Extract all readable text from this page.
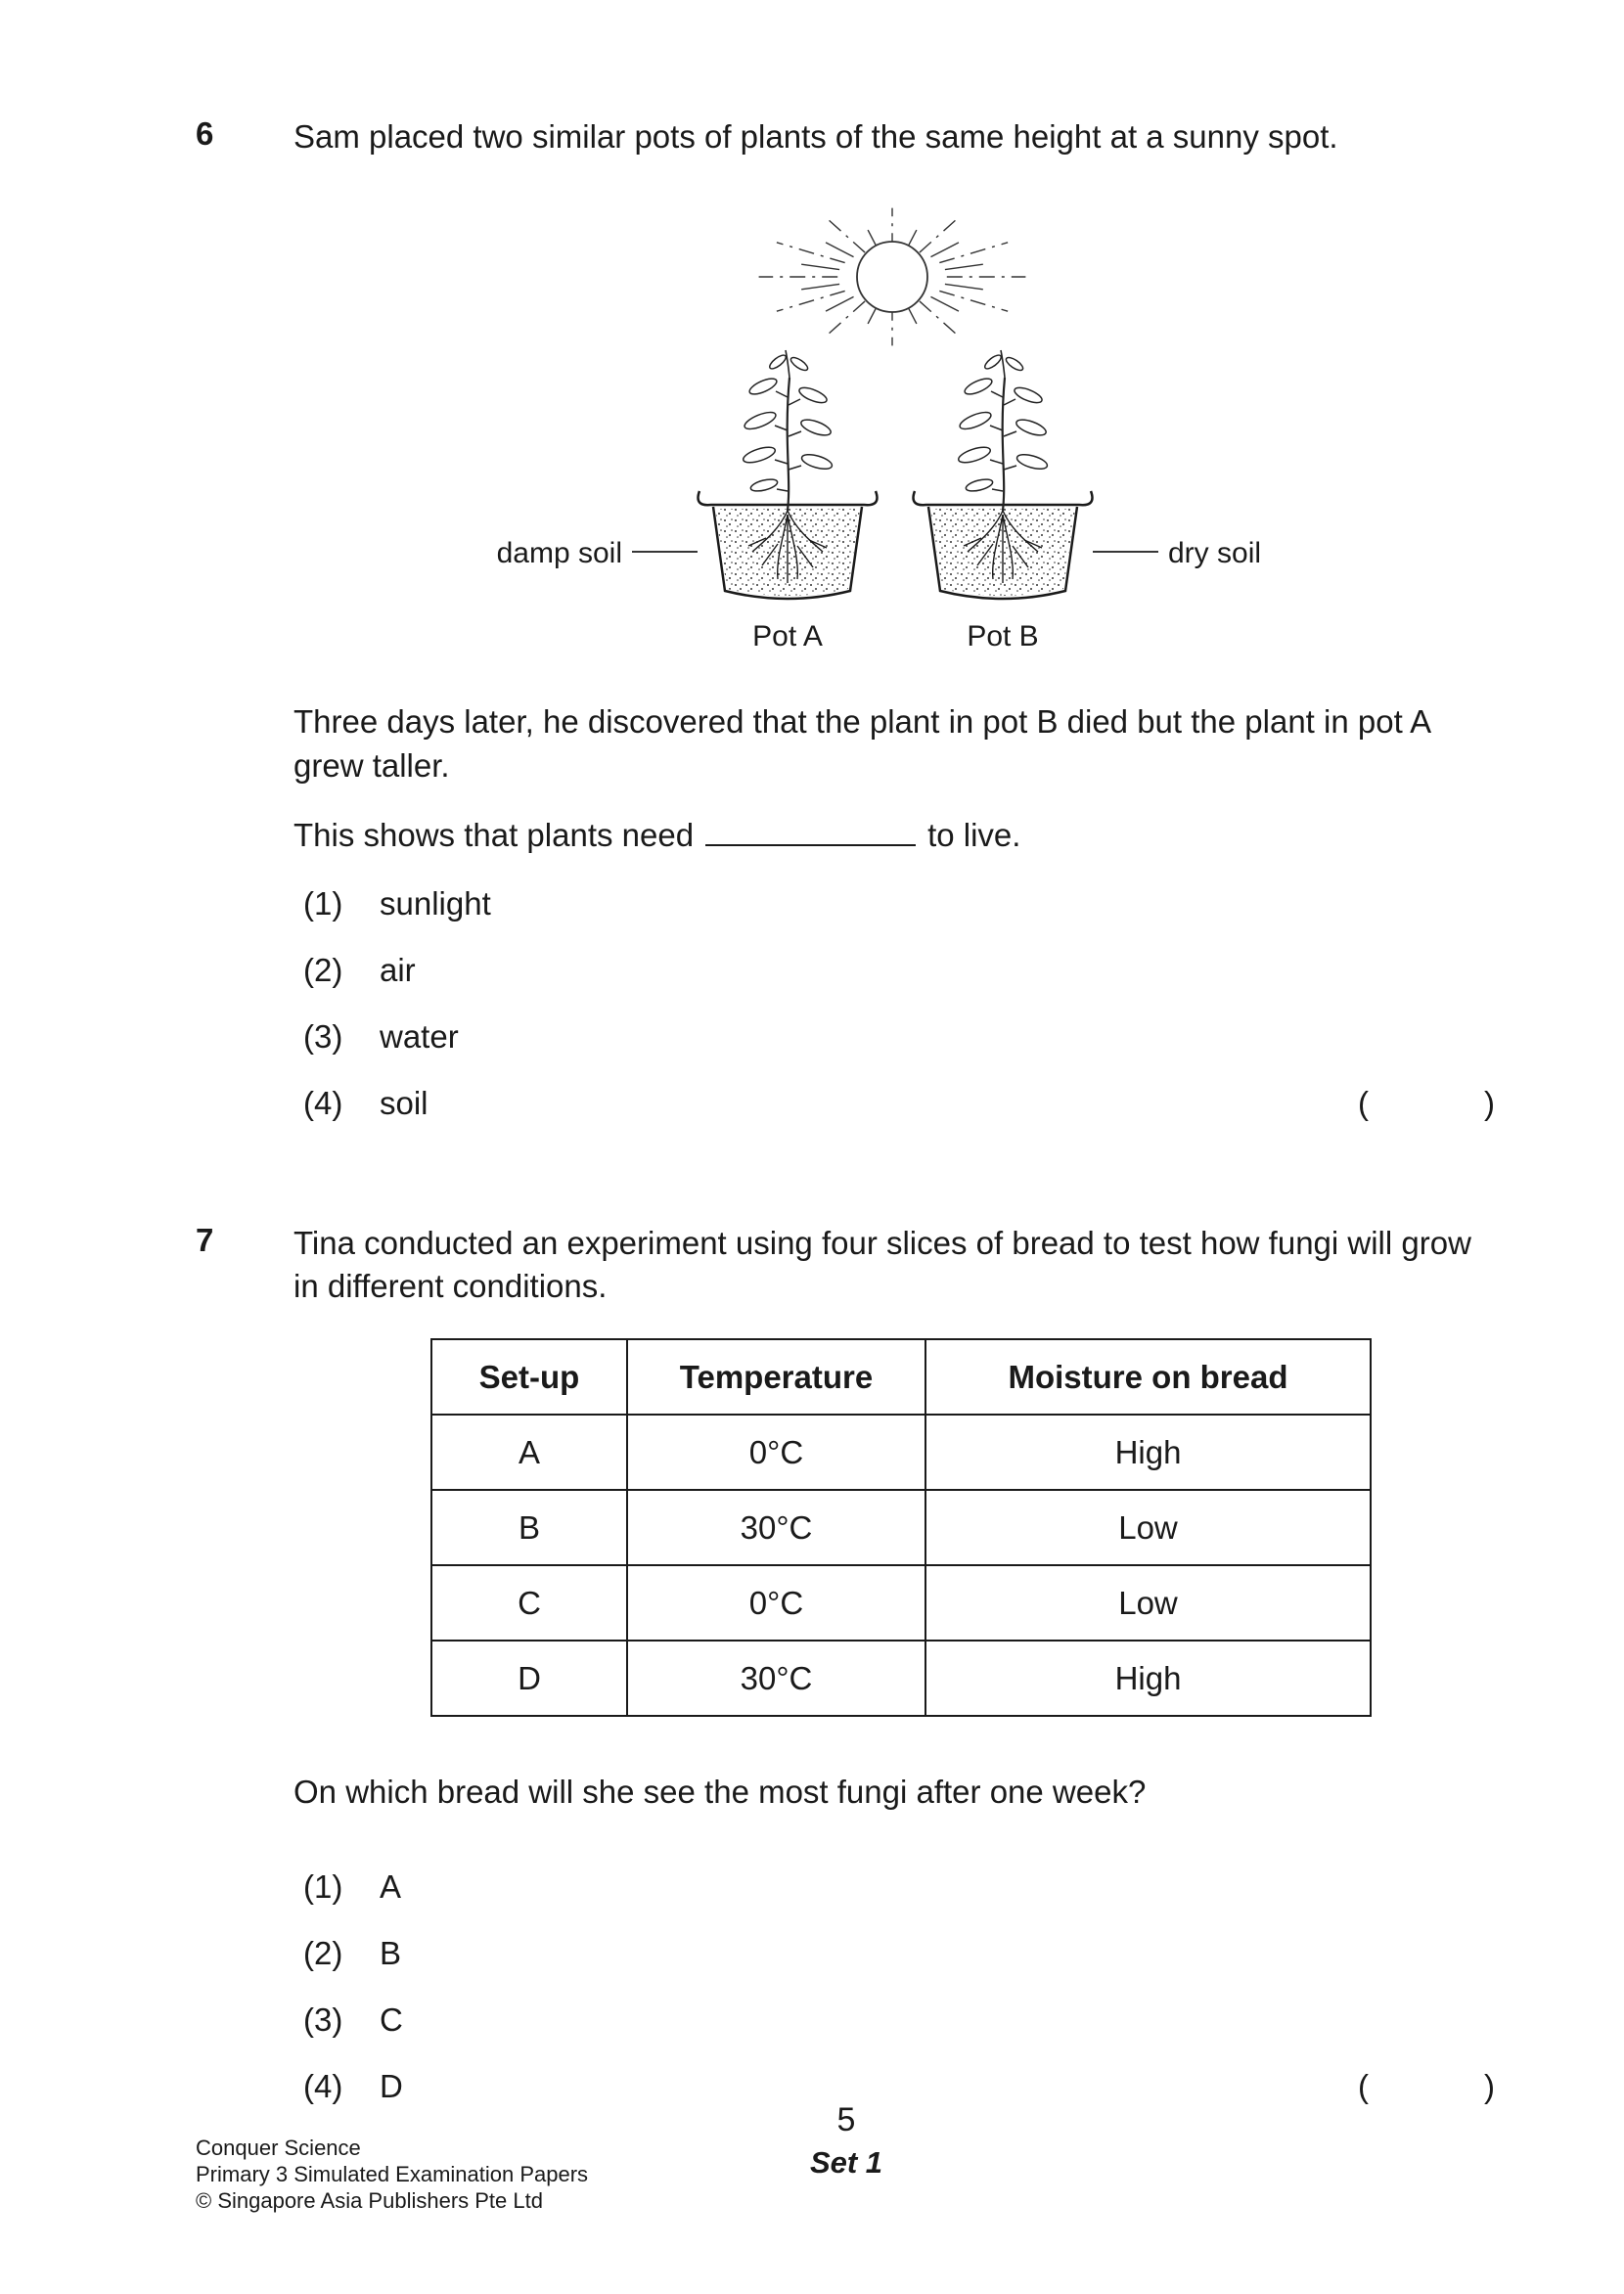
6	Sam placed two similar pots of plants of the same height at a sunny spot.
damp soil	dry soil
Pot A	Pot B
Three days later, he discovered that the plant in pot B died but the plant in pot A grew taller.
This shows that plants need	to live.
(1)	sunlight
(2)	air
(3)	water
(4)	soil	(	)
7	Tina conducted an experiment using four slices of bread to test how fungi will grow in different conditions.
Set-up	Temperature	Moisture on bread
A	0°C	High
B	30°C	Low
C	0°C	Low
D	30°C	High
On which bread will she see the most fungi after one week?
(1)	A
(2)	B
(3)	C
(4)	D	(	)
Conquer Science
Primary 3 Simulated Examination Papers
© Singapore Asia Publishers Pte Ltd
5
Set 1
